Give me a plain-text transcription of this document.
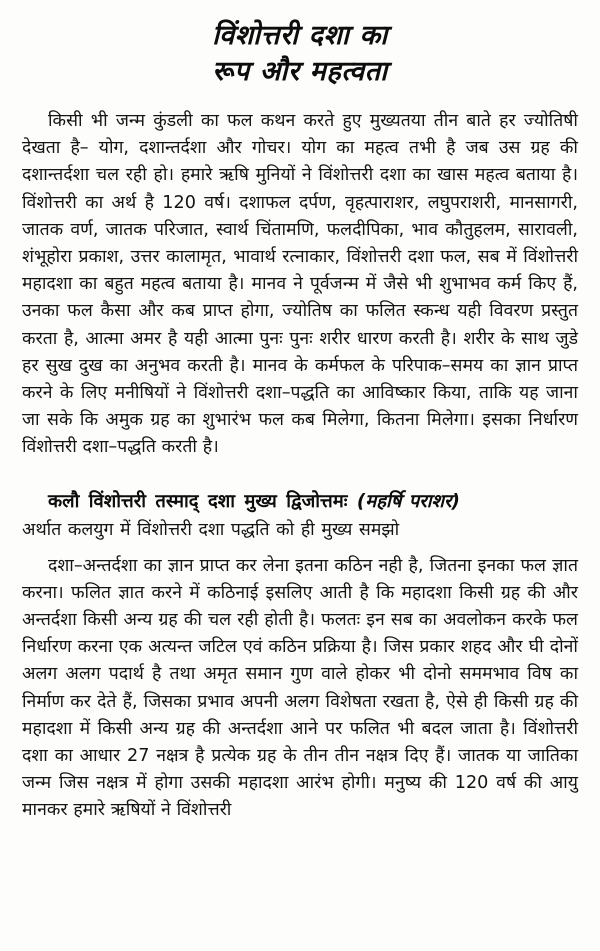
विंशोत्तरी दशा का
रूप और महत्वता

किसी भी जन्म कुंडली का फल कथन करते हुए मुख्यतया तीन बाते हर ज्योतिषी देखता है– योग, दशान्तर्दशा और गोचर। योग का महत्व तभी है जब उस ग्रह की दशान्तर्दशा चल रही हो। हमारे ऋषि मुनियों ने विंशोत्तरी दशा का खास महत्व बताया है। विंशोत्तरी का अर्थ है 120 वर्ष। दशाफल दर्पण, वृहत्पाराशर, लघुपराशरी, मानसागरी, जातक वर्ण, जातक परिजात, स्वार्थ चिंतामणि, फलदीपिका, भाव कौतुहलम, सारावली, शंभूहोरा प्रकाश, उत्तर कालामृत, भावार्थ रत्नाकार, विंशोत्तरी दशा फल, सब में विंशोत्तरी महादशा का बहुत महत्व बताया है। मानव ने पूर्वजन्म में जैसे भी शुभाभव कर्म किए हैं, उनका फल कैसा और कब प्राप्त होगा, ज्योतिष का फलित स्कन्ध यही विवरण प्रस्तुत करता है, आत्मा अमर है यही आत्मा पुनः पुनः शरीर धारण करती है। शरीर के साथ जुडे हर सुख दुख का अनुभव करती है। मानव के कर्मफल के परिपाक–समय का ज्ञान प्राप्त करने के लिए मनीषियों ने विंशोत्तरी दशा–पद्धति का आविष्कार किया, ताकि यह जाना जा सके कि अमुक ग्रह का शुभारंभ फल कब मिलेगा, कितना मिलेगा। इसका निर्धारण विंशोत्तरी दशा–पद्धति करती है।

कलौ विंशोत्तरी तस्माद् दशा मुख्य द्विजोत्तमः (महर्षि पराशर)
अर्थात कलयुग में विंशोत्तरी दशा पद्धति को ही मुख्य समझो

दशा–अन्तर्दशा का ज्ञान प्राप्त कर लेना इतना कठिन नही है, जितना इनका फल ज्ञात करना। फलित ज्ञात करने में कठिनाई इसलिए आती है कि महादशा किसी ग्रह की और अन्तर्दशा किसी अन्य ग्रह की चल रही होती है। फलतः इन सब का अवलोकन करके फल निर्धारण करना एक अत्यन्त जटिल एवं कठिन प्रक्रिया है। जिस प्रकार शहद और घी दोनों अलग अलग पदार्थ है तथा अमृत समान गुण वाले होकर भी दोनो सममभाव विष का निर्माण कर देते हैं, जिसका प्रभाव अपनी अलग विशेषता रखता है, ऐसे ही किसी ग्रह की महादशा में किसी अन्य ग्रह की अन्तर्दशा आने पर फलित भी बदल जाता है। विंशोत्तरी दशा का आधार 27 नक्षत्र है प्रत्येक ग्रह के तीन तीन नक्षत्र दिए हैं। जातक या जातिका जन्म जिस नक्षत्र में होगा उसकी महादशा आरंभ होगी। मनुष्य की 120 वर्ष की आयु मानकर हमारे ऋषियों ने विंशोत्तरी
